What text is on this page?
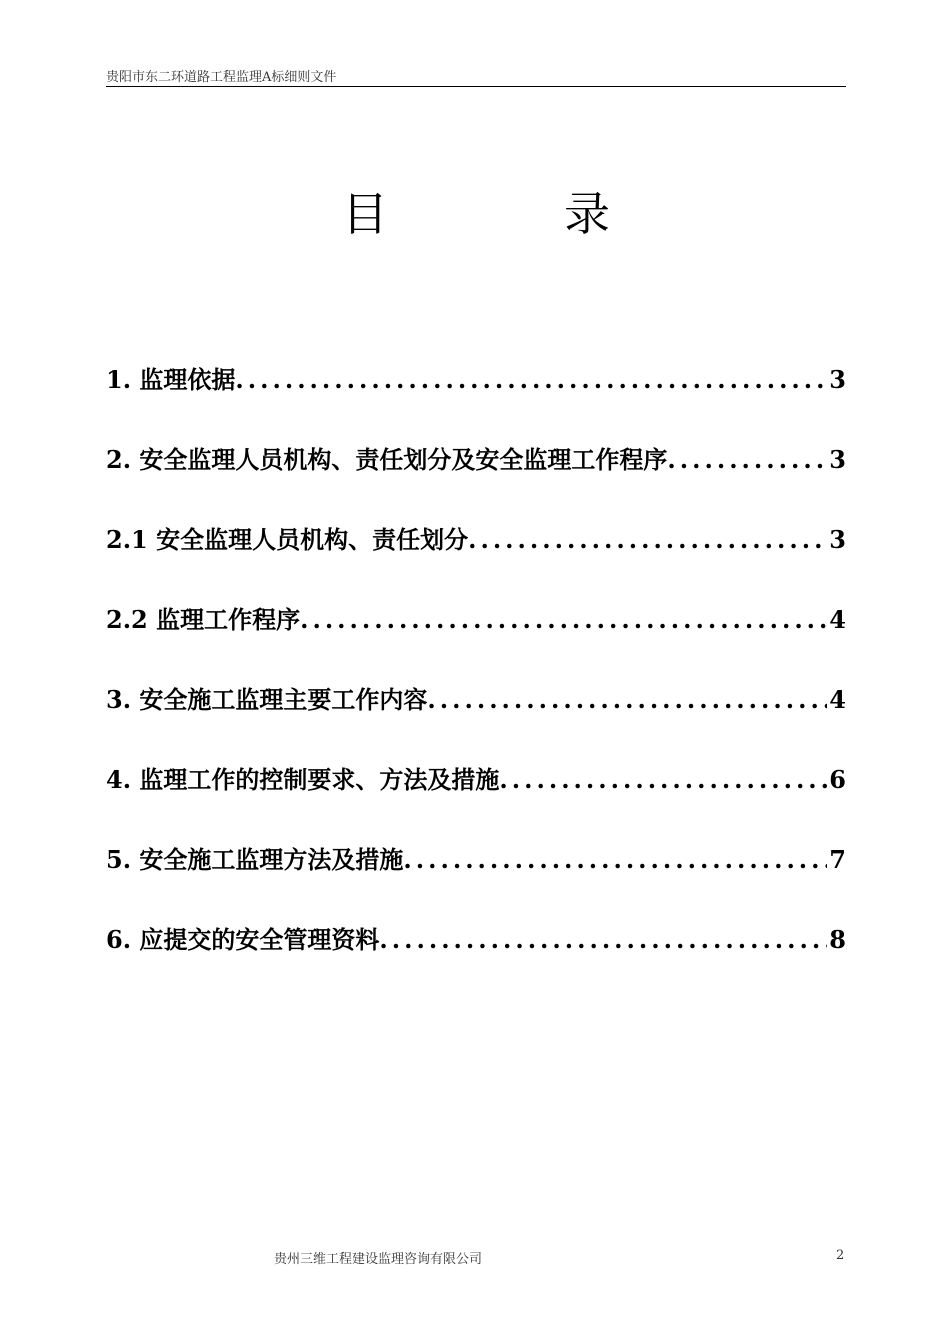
贵阳市东二环道路工程监理A标细则文件
目	录
1. 监理依据 .....	3
2. 安全监理人员机构、责任划分及安全监理工作程序 .....	3
2.1 安全监理人员机构、责任划分 .....	3
2.2 监理工作程序 .....	4
3. 安全施工监理主要工作内容 .....	4
4. 监理工作的控制要求、方法及措施 .....	6
5. 安全施工监理方法及措施 .....	7
6. 应提交的安全管理资料 .....	8
贵州三维工程建设监理咨询有限公司	2
